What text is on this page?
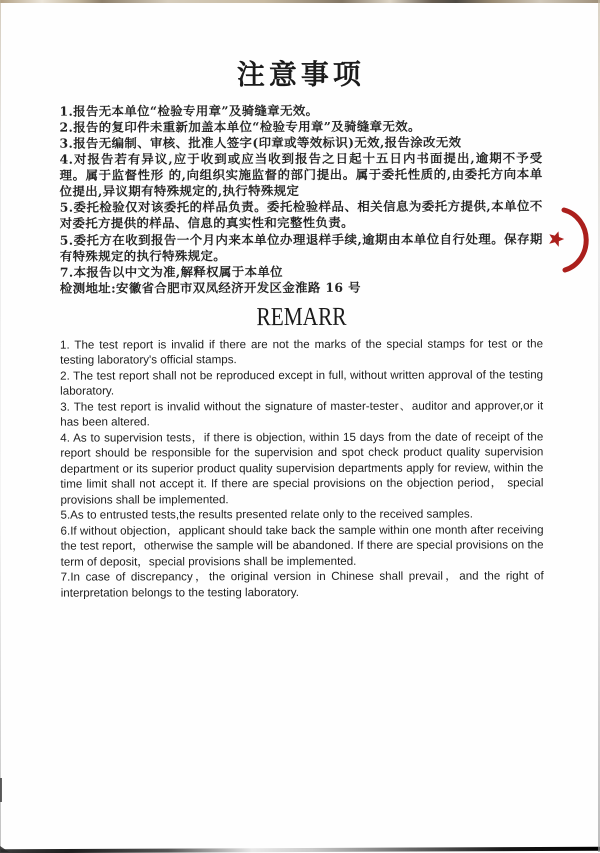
注意事项

1.报告无本单位“检验专用章”及骑缝章无效。

2.报告的复印件未重新加盖本单位“检验专用章”及骑缝章无效。

3.报告无编制、审核、批准人签字(印章或等效标识)无效,报告涂改无效

4.对报告若有异议,应于收到或应当收到报告之日起十五日内书面提出,逾期不予受理。属于监督性形 的,向组织实施监督的部门提出。属于委托性质的,由委托方向本单位提出,异议期有特殊规定的,执行特殊规定

5.委托检验仅对该委托的样品负责。委托检验样品、相关信息为委托方提供,本单位不对委托方提供的样品、信息的真实性和完整性负责。

5.委托方在收到报告一个月内来本单位办理退样手续,逾期由本单位自行处理。保存期有特殊规定的执行特殊规定。

7.本报告以中文为准,解释权属于本单位

检测地址:安徽省合肥市双凤经济开发区金淮路 16 号

REMARR

1. The test report is invalid if there are not the marks of the special stamps for test or the testing laboratory's official stamps.

2. The test report shall not be reproduced except in full, without written approval of the testing laboratory.

3. The test report is invalid without the signature of master-tester、auditor and approver,or it has been altered.

4. As to supervision tests，if there is objection, within 15 days from the date of receipt of the report should be responsible for the supervision and spot check product quality supervision department or its superior product quality supervision departments apply for review, within the time limit shall not accept it. If there are special provisions on the objection period， special provisions shall be implemented.

5.As to entrusted tests,the results presented relate only to the received samples.

6.If without objection，applicant should take back the sample within one month after receiving the test report，otherwise the sample will be abandoned. If there are special provisions on the term of deposit，special provisions shall be implemented.

7.In case of discrepancy，the original version in Chinese shall prevail，and the right of interpretation belongs to the testing laboratory.
